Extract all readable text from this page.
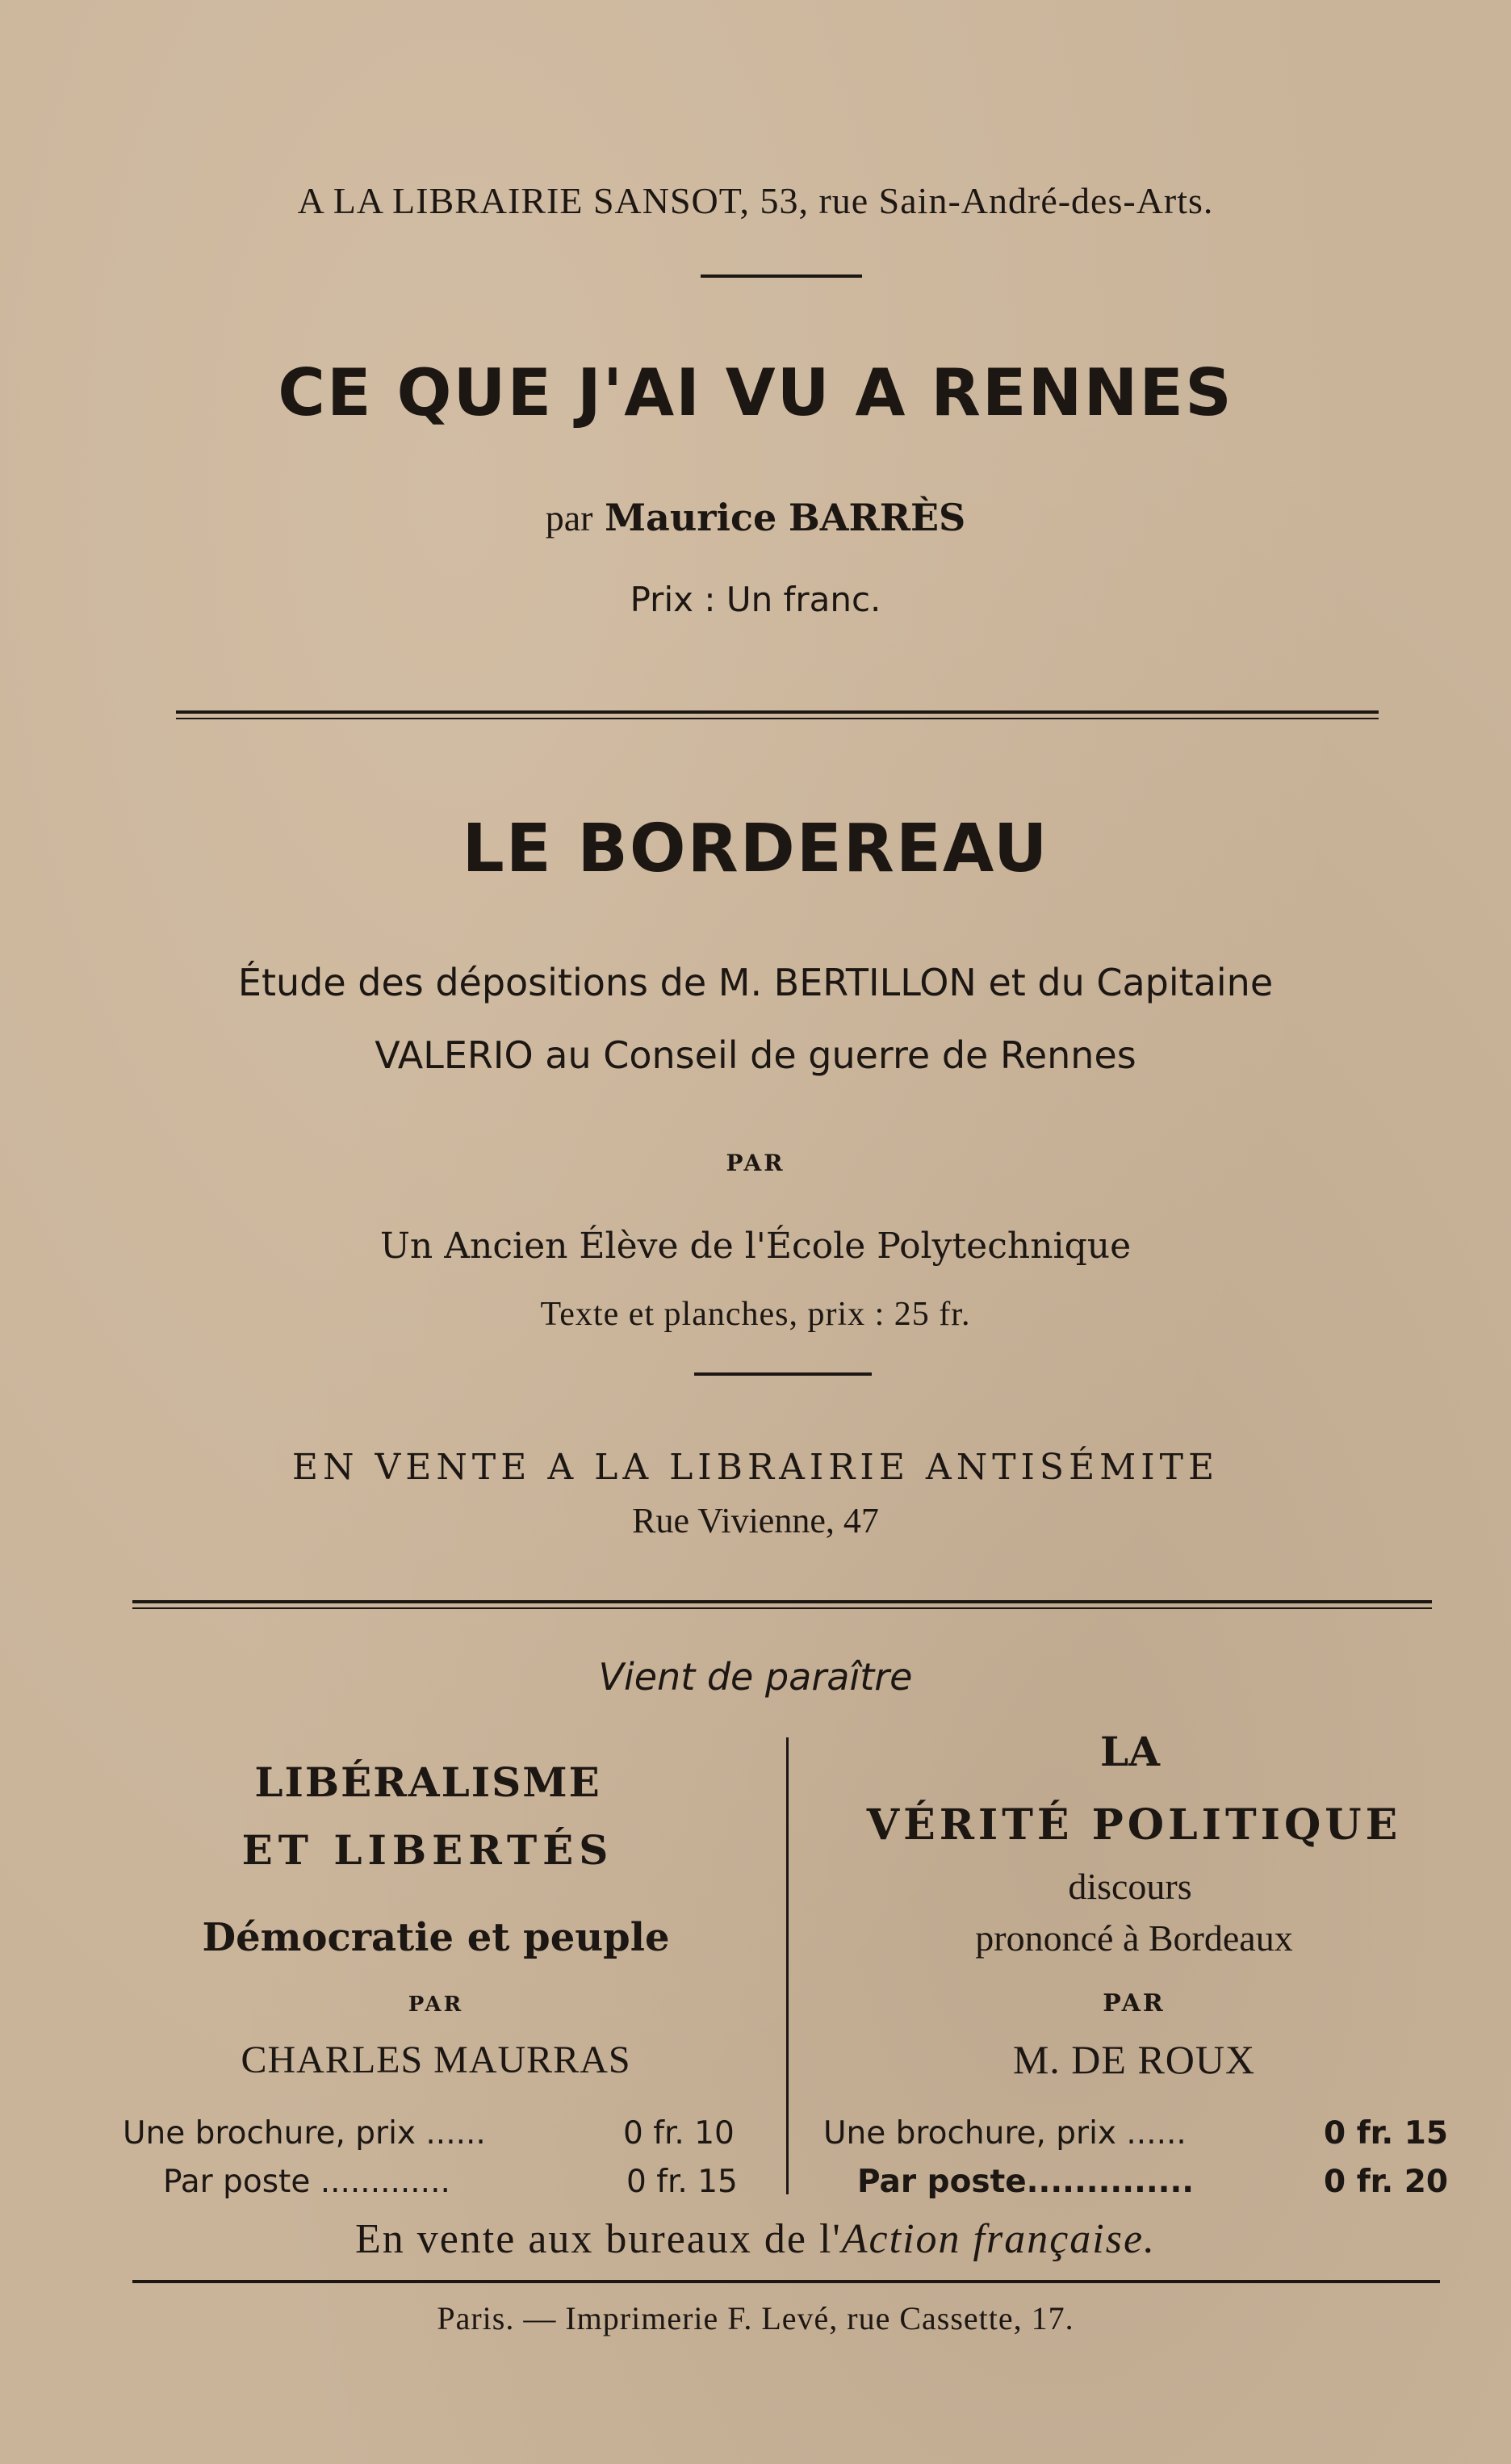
A LA LIBRAIRIE SANSOT, 53, rue Sain-André-des-Arts.
CE QUE J'AI VU A RENNES
par Maurice BARRÈS
Prix : Un franc.
LE BORDEREAU
Étude des dépositions de M. BERTILLON et du Capitaine
VALERIO au Conseil de guerre de Rennes
PAR
Un Ancien Élève de l'École Polytechnique
Texte et planches, prix : 25 fr.
EN VENTE A LA LIBRAIRIE ANTISÉMITE
Rue Vivienne, 47
Vient de paraître
LIBÉRALISME
ET LIBERTÉS
Démocratie et peuple
PAR
CHARLES MAURRAS
Une brochure, prix ......	0 fr. 10
Par poste .............	0 fr. 15
LA
VÉRITÉ POLITIQUE
discours
prononcé à Bordeaux
PAR
M. DE ROUX
Une brochure, prix ......	0 fr. 15
Par poste..............	0 fr. 20
En vente aux bureaux de l'Action française.
Paris. — Imprimerie F. Levé, rue Cassette, 17.
